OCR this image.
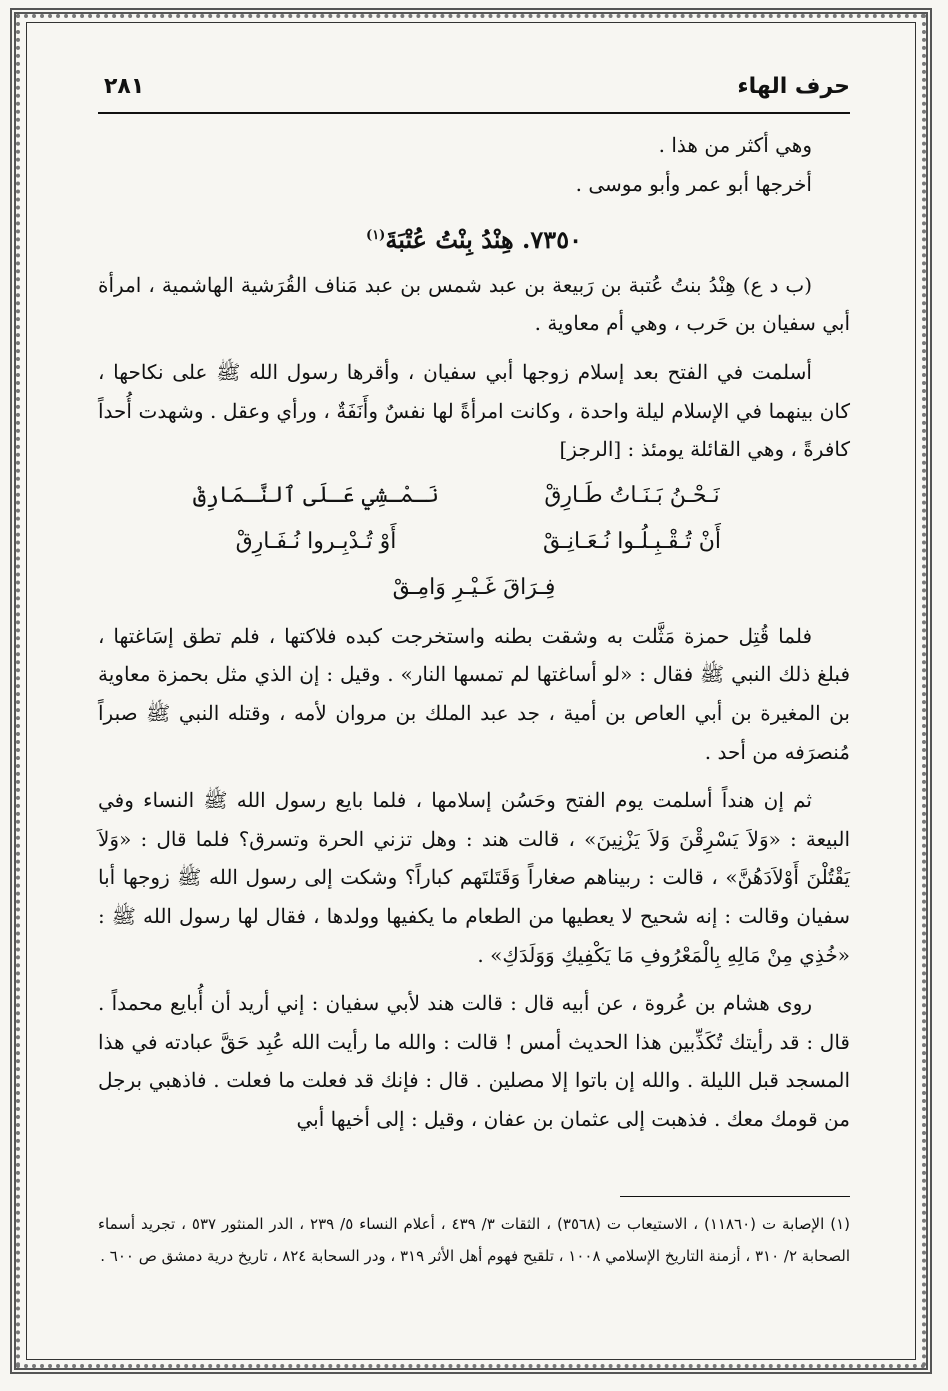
حرف الهاء
٢٨١

وهي أكثر من هذا .

أخرجها أبو عمر وأبو موسى .

٧٣٥٠. هِنْدُ بِنْتُ عُتْبَةَ$^{(١)}$

(ب د ع) هِنْدُ بنتُ عُتبة بن رَبيعة بن عبد شمس بن عبد مَناف القُرَشية الهاشمية ، امرأة أبي سفيان بن حَرب ، وهي أم معاوية .

أسلمت في الفتح بعد إسلام زوجها أبي سفيان ، وأقرها رسول الله ﷺ على نكاحها ، كان بينهما في الإسلام ليلة واحدة ، وكانت امرأةً لها نفسٌ وأَنَفَةٌ ، ورأي وعقل . وشهدت أُحداً كافرةً ، وهي القائلة يومئذ : [الرجز]

نَـحْـنُ بَـنَـاتُ طَـارِقْ
نَـمْـشِي عَـلَى ٱلنَّـمَارِقْ
أَنْ تُـقْـبِـلُـوا نُـعَـانِـقْ
أَوْ تُـدْبِـروا نُـفَـارِقْ
فِـرَاقَ غَـيْـرِ وَامِـقْ

فلما قُتِل حمزة مَثَّلت به وشقت بطنه واستخرجت كبده فلاكتها ، فلم تطق إسَاغتها ، فبلغ ذلك النبي ﷺ فقال : «لو أساغتها لم تمسها النار» . وقيل : إن الذي مثل بحمزة معاوية بن المغيرة بن أبي العاص بن أمية ، جد عبد الملك بن مروان لأمه ، وقتله النبي ﷺ صبراً مُنصرَفه من أحد .

ثم إن هنداً أسلمت يوم الفتح وحَسُن إسلامها ، فلما بايع رسول الله ﷺ النساء وفي البيعة : «وَلاَ يَسْرِقْنَ وَلاَ يَزْنِينَ» ، قالت هند : وهل تزني الحرة وتسرق؟ فلما قال : «وَلاَ يَقْتُلْنَ أَوْلاَدَهُنَّ» ، قالت : ربيناهم صغاراً وَقَتَلتَهم كباراً؟ وشكت إلى رسول الله ﷺ زوجها أبا سفيان وقالت : إنه شحيح لا يعطيها من الطعام ما يكفيها وولدها ، فقال لها رسول الله ﷺ : «خُذِي مِنْ مَالِهِ بِالْمَعْرُوفِ مَا يَكْفِيكِ وَوَلَدَكِ» .

روى هشام بن عُروة ، عن أبيه قال : قالت هند لأبي سفيان : إني أريد أن أُبايع محمداً . قال : قد رأيتك تُكَذِّبين هذا الحديث أمس ! قالت : والله ما رأيت الله عُبِد حَقَّ عبادته في هذا المسجد قبل الليلة . والله إن باتوا إلا مصلين . قال : فإنك قد فعلت ما فعلت . فاذهبي برجل من قومك معك . فذهبت إلى عثمان بن عفان ، وقيل : إلى أخيها أبي

(١) الإصابة ت (١١٨٦٠) ، الاستيعاب ت (٣٥٦٨) ، الثقات ٣/ ٤٣٩ ، أعلام النساء ٥/ ٢٣٩ ، الدر المنثور ٥٣٧ ، تجريد أسماء الصحابة ٢/ ٣١٠ ، أزمنة التاريخ الإسلامي ١٠٠٨ ، تلقيح فهوم أهل الأثر ٣١٩ ، ودر السحابة ٨٢٤ ، تاريخ درية دمشق ص ٦٠٠ .
